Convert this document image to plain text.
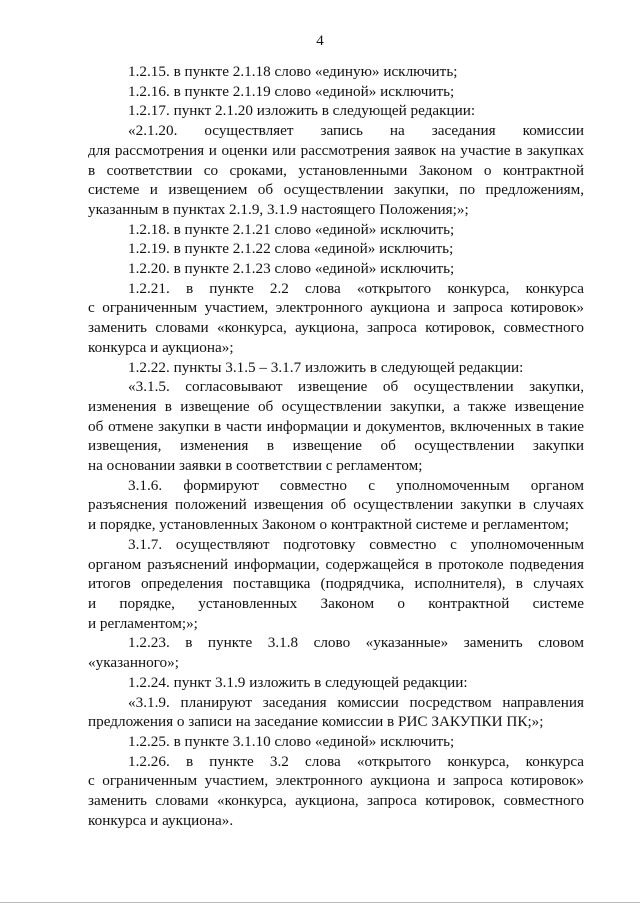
4

1.2.15. в пункте 2.1.18 слово «единую» исключить;

1.2.16. в пункте 2.1.19 слово «единой» исключить;

1.2.17. пункт 2.1.20 изложить в следующей редакции:

«2.1.20. осуществляет запись на заседания комиссии
для рассмотрения и оценки или рассмотрения заявок на участие в закупках
в соответствии со сроками, установленными Законом о контрактной
системе и извещением об осуществлении закупки, по предложениям,
указанным в пунктах 2.1.9, 3.1.9 настоящего Положения;»;

1.2.18. в пункте 2.1.21 слово «единой» исключить;

1.2.19. в пункте 2.1.22 слова «единой» исключить;

1.2.20. в пункте 2.1.23 слово «единой» исключить;

1.2.21. в пункте 2.2 слова «открытого конкурса, конкурса
с ограниченным участием, электронного аукциона и запроса котировок»
заменить словами «конкурса, аукциона, запроса котировок, совместного
конкурса и аукциона»;

1.2.22. пункты 3.1.5 – 3.1.7 изложить в следующей редакции:

«3.1.5. согласовывают извещение об осуществлении закупки,
изменения в извещение об осуществлении закупки, а также извещение
об отмене закупки в части информации и документов, включенных в такие
извещения, изменения в извещение об осуществлении закупки
на основании заявки в соответствии с регламентом;

3.1.6. формируют совместно с уполномоченным органом
разъяснения положений извещения об осуществлении закупки в случаях
и порядке, установленных Законом о контрактной системе и регламентом;

3.1.7. осуществляют подготовку совместно с уполномоченным
органом разъяснений информации, содержащейся в протоколе подведения
итогов определения поставщика (подрядчика, исполнителя), в случаях
и порядке, установленных Законом о контрактной системе
и регламентом;»;

1.2.23. в пункте 3.1.8 слово «указанные» заменить словом
«указанного»;

1.2.24. пункт 3.1.9 изложить в следующей редакции:

«3.1.9. планируют заседания комиссии посредством направления
предложения о записи на заседание комиссии в РИС ЗАКУПКИ ПК;»;

1.2.25. в пункте 3.1.10 слово «единой» исключить;

1.2.26. в пункте 3.2 слова «открытого конкурса, конкурса
с ограниченным участием, электронного аукциона и запроса котировок»
заменить словами «конкурса, аукциона, запроса котировок, совместного
конкурса и аукциона».
